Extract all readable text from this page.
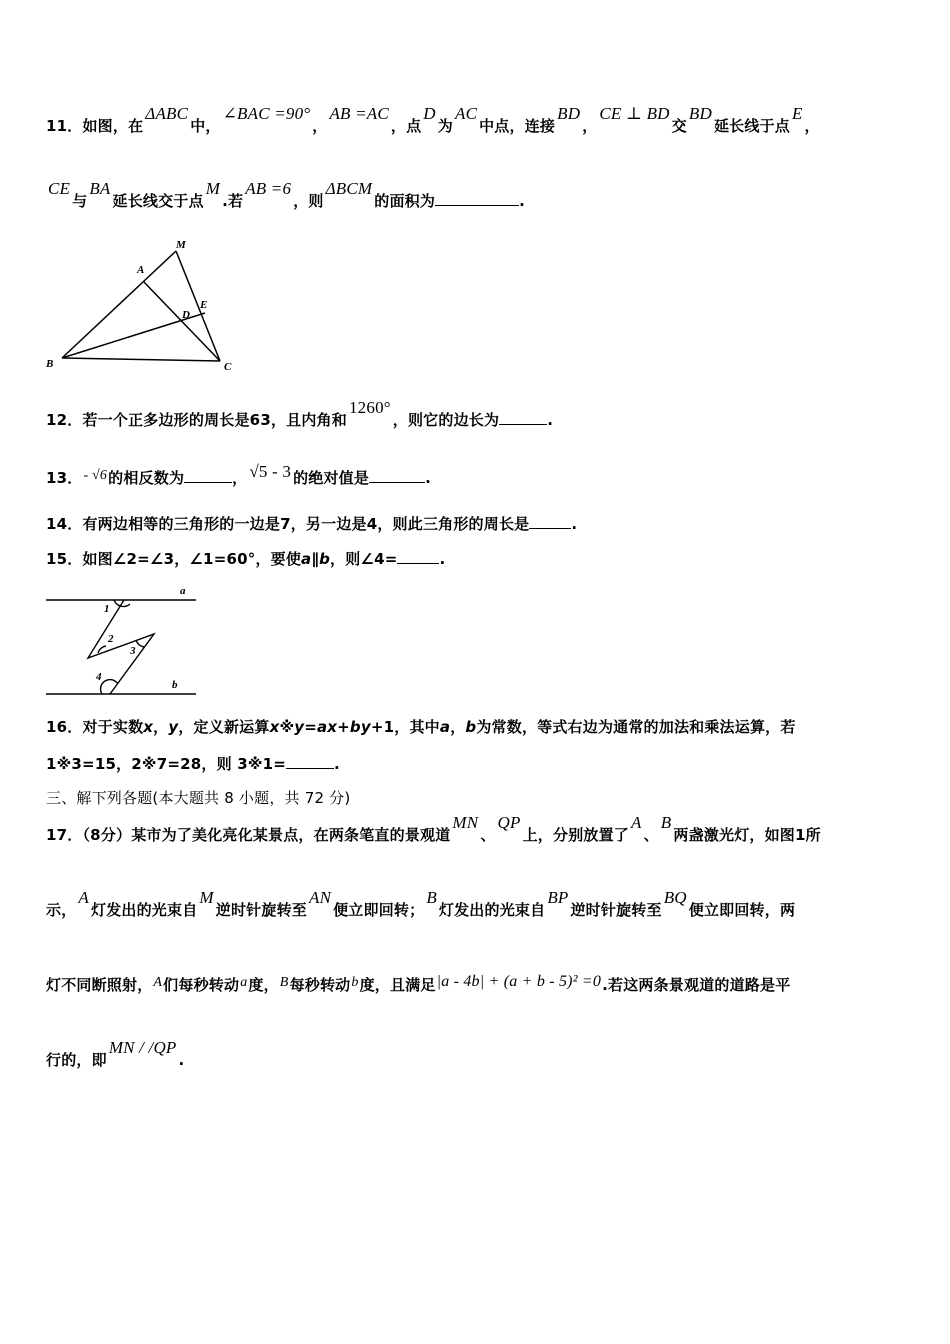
11．如图，在ΔABC中，∠BAC =90°，AB =AC，点D为AC中点，连接BD，CE ⊥ BD交BD延长线于点E，
CE与BA延长线交于点M.若AB =6，则ΔBCM的面积为	.
M
A
E
D
B	C
12．若一个正多边形的周长是63，且内角和1260°，则它的边长为	.
13．- √6的相反数为	， √5 - 3 的绝对值是	.
14．有两边相等的三角形的一边是7，另一边是4，则此三角形的周长是	.
15．如图∠2=∠3，∠1=60°，要使a∥b，则∠4=	.
a
b
1
2
3
4
16．对于实数x，y，定义新运算x※y=ax+by+1，其中a，b为常数，等式右边为通常的加法和乘法运算，若
1※3=15，2※7=28，则 3※1=	.
三、解下列各题(本大题共 8 小题，共 72 分)
17．（8分）某市为了美化亮化某景点，在两条笔直的景观道MN、QP上，分别放置了A、B两盏激光灯，如图1所
示，A灯发出的光束自M逆时针旋转至AN便立即回转；B灯发出的光束自BP逆时针旋转至BQ便立即回转，两
灯不同断照射，A们每秒转动a度，B每秒转动b度，且满足|a - 4b| + (a + b - 5)² =0.若这两条景观道的道路是平
行的，即MN / /QP.
